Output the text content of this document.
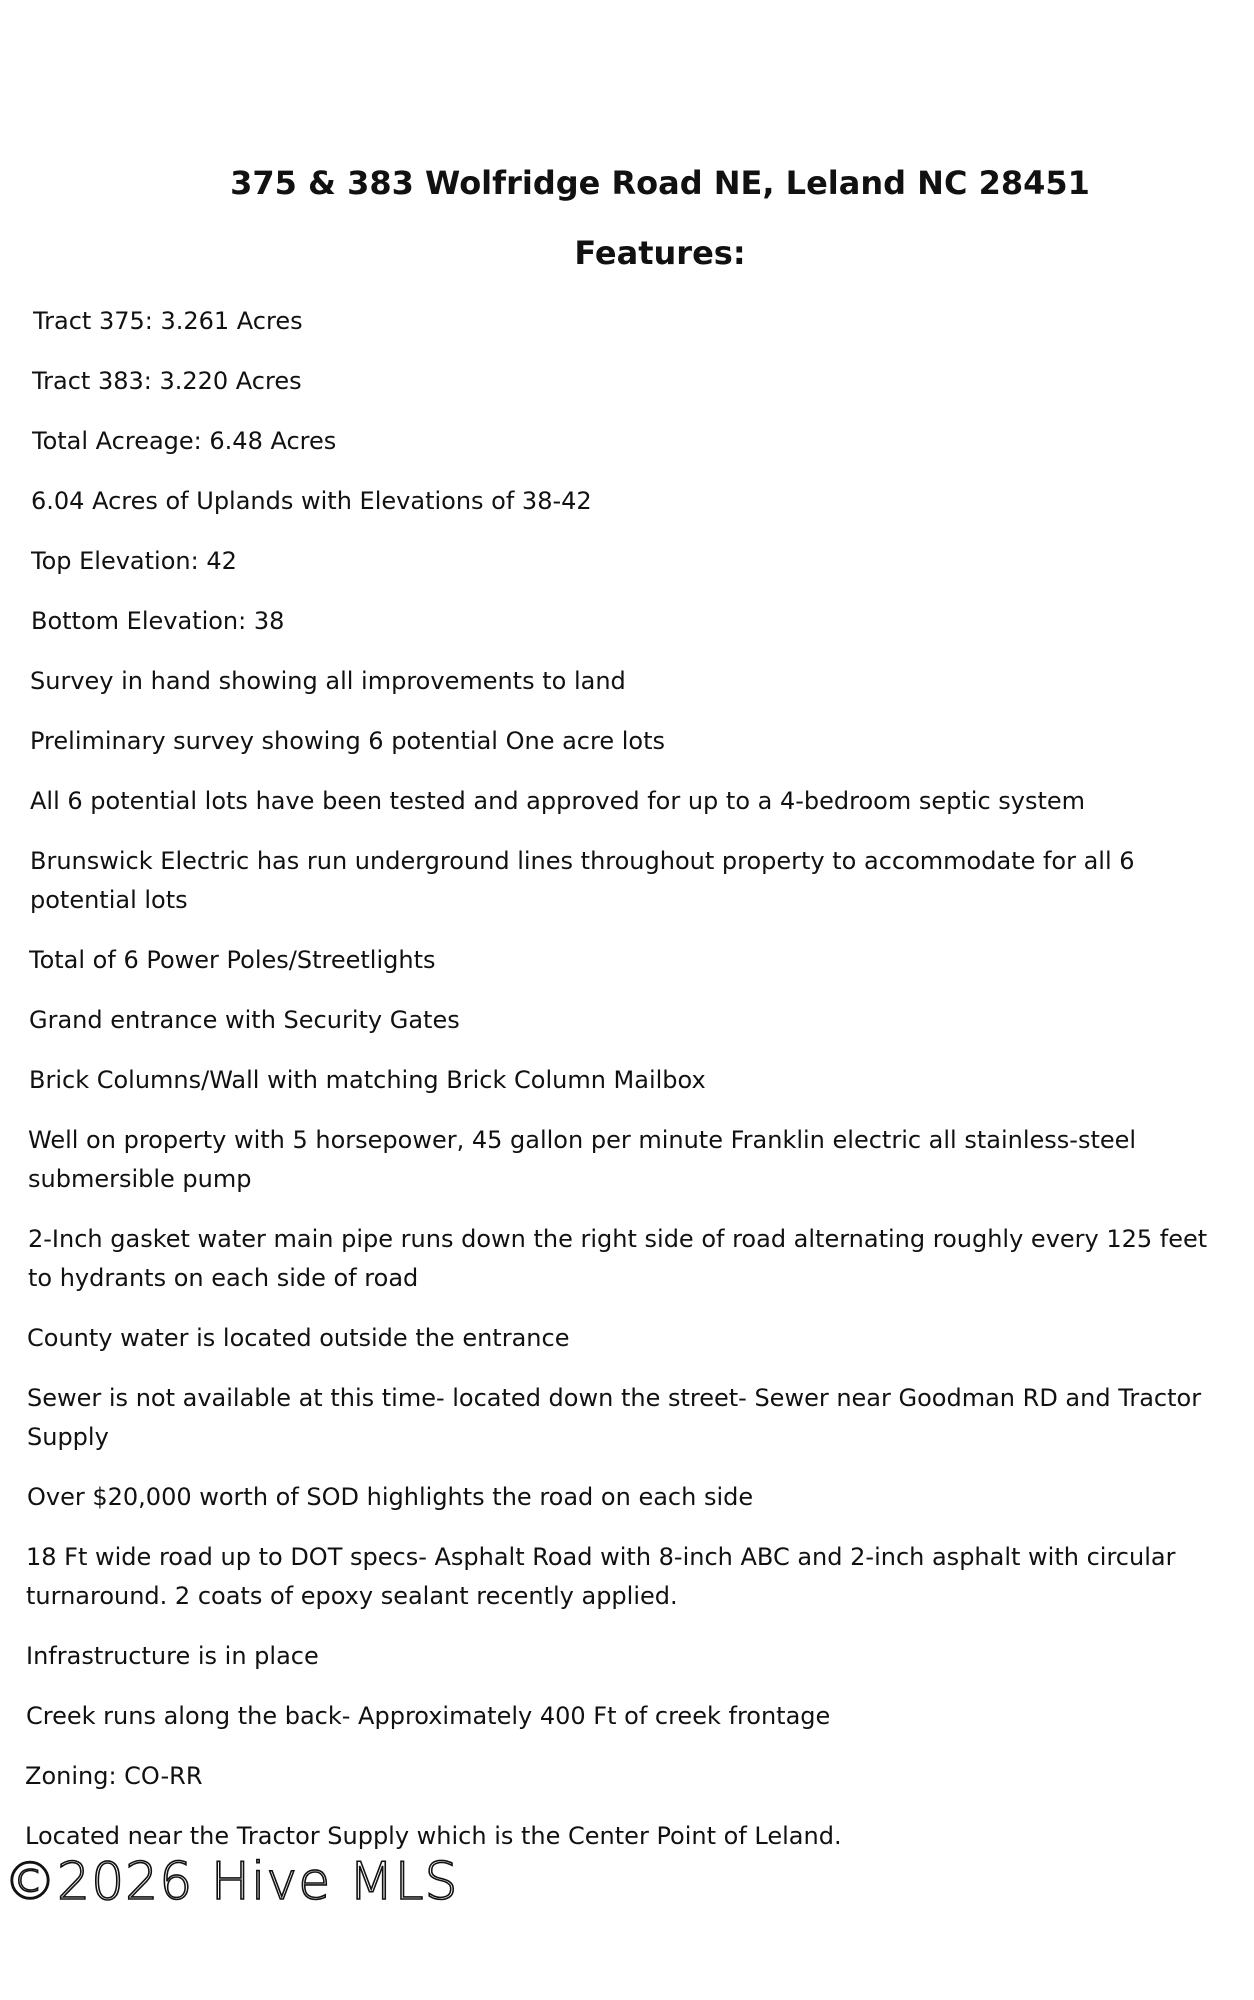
375 & 383 Wolfridge Road NE, Leland NC 28451
Features:
Tract 375: 3.261 Acres
Tract 383: 3.220 Acres
Total Acreage: 6.48 Acres
6.04 Acres of Uplands with Elevations of 38-42
Top Elevation: 42
Bottom Elevation: 38
Survey in hand showing all improvements to land
Preliminary survey showing 6 potential One acre lots
All 6 potential lots have been tested and approved for up to a 4-bedroom septic system
Brunswick Electric has run underground lines throughout property to accommodate for all 6 potential lots
Total of 6 Power Poles/Streetlights
Grand entrance with Security Gates
Brick Columns/Wall with matching Brick Column Mailbox
Well on property with 5 horsepower, 45 gallon per minute Franklin electric all stainless-steel submersible pump
2-Inch gasket water main pipe runs down the right side of road alternating roughly every 125 feet to hydrants on each side of road
County water is located outside the entrance
Sewer is not available at this time- located down the street- Sewer near Goodman RD and Tractor Supply
Over $20,000 worth of SOD highlights the road on each side
18 Ft wide road up to DOT specs- Asphalt Road with 8-inch ABC and 2-inch asphalt with circular turnaround. 2 coats of epoxy sealant recently applied.
Infrastructure is in place
Creek runs along the back- Approximately 400 Ft of creek frontage
Zoning: CO-RR
Located near the Tractor Supply which is the Center Point of Leland.
©2026 Hive MLS
